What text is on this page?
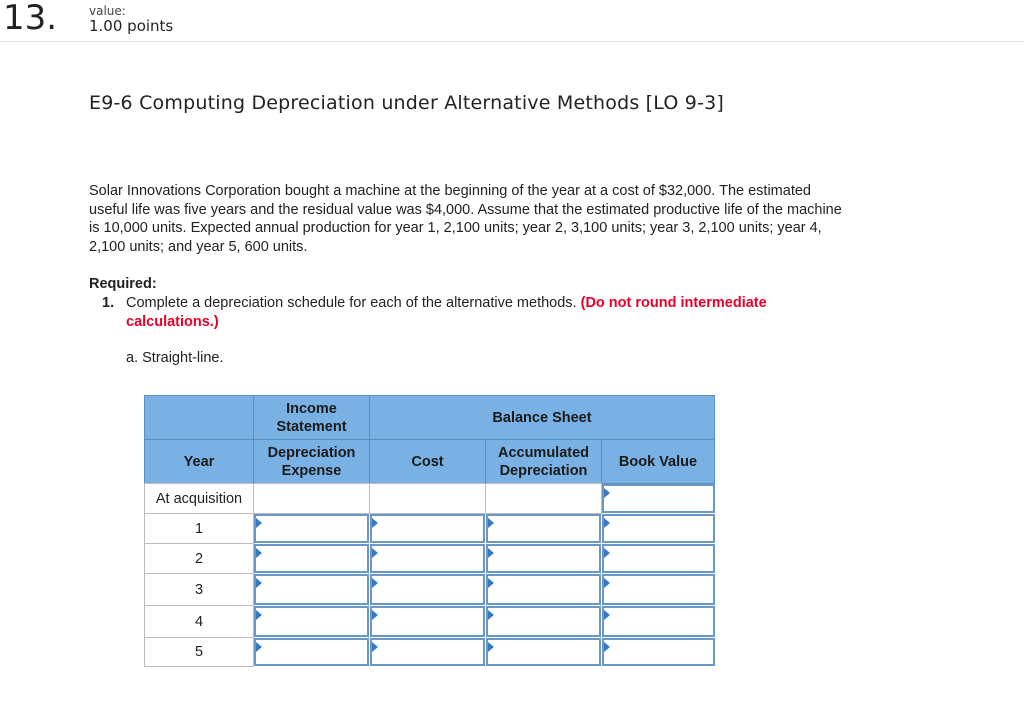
13.	value:
1.00 points
E9-6 Computing Depreciation under Alternative Methods [LO 9-3]
Solar Innovations Corporation bought a machine at the beginning of the year at a cost of $32,000. The estimated useful life was five years and the residual value was $4,000. Assume that the estimated productive life of the machine is 10,000 units. Expected annual production for year 1, 2,100 units; year 2, 3,100 units; year 3, 2,100 units; year 4, 2,100 units; and year 5, 600 units.
Required:
1. Complete a depreciation schedule for each of the alternative methods. (Do not round intermediate calculations.)
a. Straight-line.
Income Statement
Balance Sheet
Year
Depreciation Expense
Cost
Accumulated Depreciation
Book Value
At acquisition
1
2
3
4
5
